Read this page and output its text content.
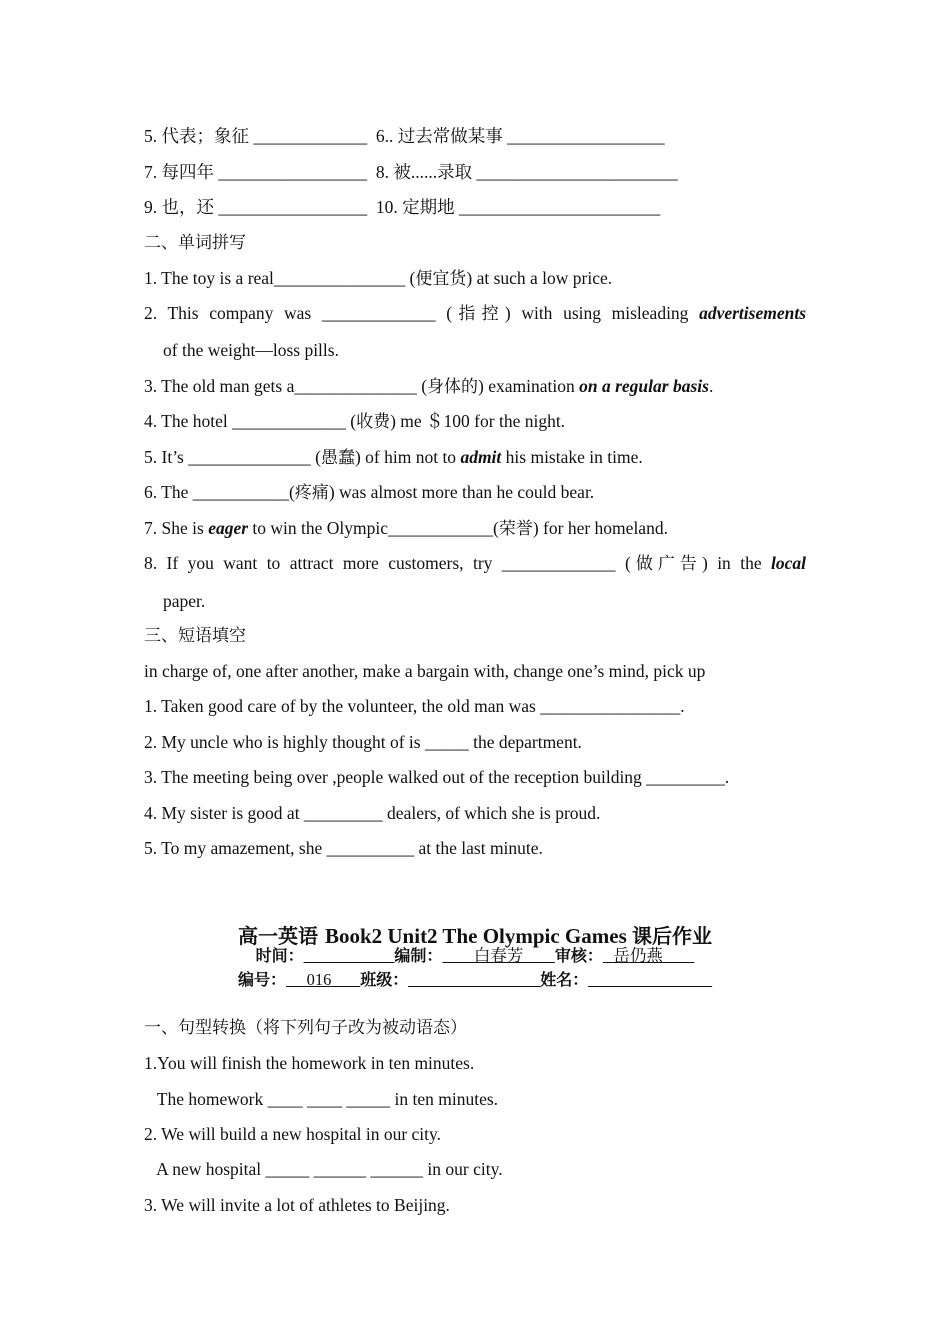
5. 代表；象征 _____________  6.. 过去常做某事 __________________
7. 每四年 _________________  8. 被......录取 _______________________
9. 也，还 _________________  10. 定期地 _______________________
二、单词拼写
1. The toy is a real_______________ (便宜货) at such a low price.
2. This company was _____________ (指控) with using misleading advertisements
of the weight—loss pills.
3. The old man gets a______________ (身体的) examination on a regular basis.
4. The hotel _____________ (收费) me ＄100 for the night.
5. It’s ______________ (愚蠢) of him not to admit his mistake in time.
6. The ___________(疼痛) was almost more than he could bear.
7. She is eager to win the Olympic____________(荣誉) for her homeland.
8. If you want to attract more customers, try _____________ (做广告) in the local
paper.
三、短语填空
in charge of, one after another, make a bargain with, change one’s mind, pick up
1. Taken good care of by the volunteer, the old man was ________________.
2. My uncle who is highly thought of is _____ the department.
3. The meeting being over ,people walked out of the reception building _________.
4. My sister is good at _________ dealers, of which she is proud.
5. To my amazement, she __________ at the last minute.
高一英语 Book2 Unit2 The Olympic Games 课后作业
时间：___________编制： 白春芳 审核： 岳仍燕
编号： 016 班级：________________姓名：_______________
一、句型转换（将下列句子改为被动语态）
1.You will finish the homework in ten minutes.
The homework ____ ____ _____ in ten minutes.
2. We will build a new hospital in our city.
A new hospital _____ ______ ______ in our city.
3. We will invite a lot of athletes to Beijing.
